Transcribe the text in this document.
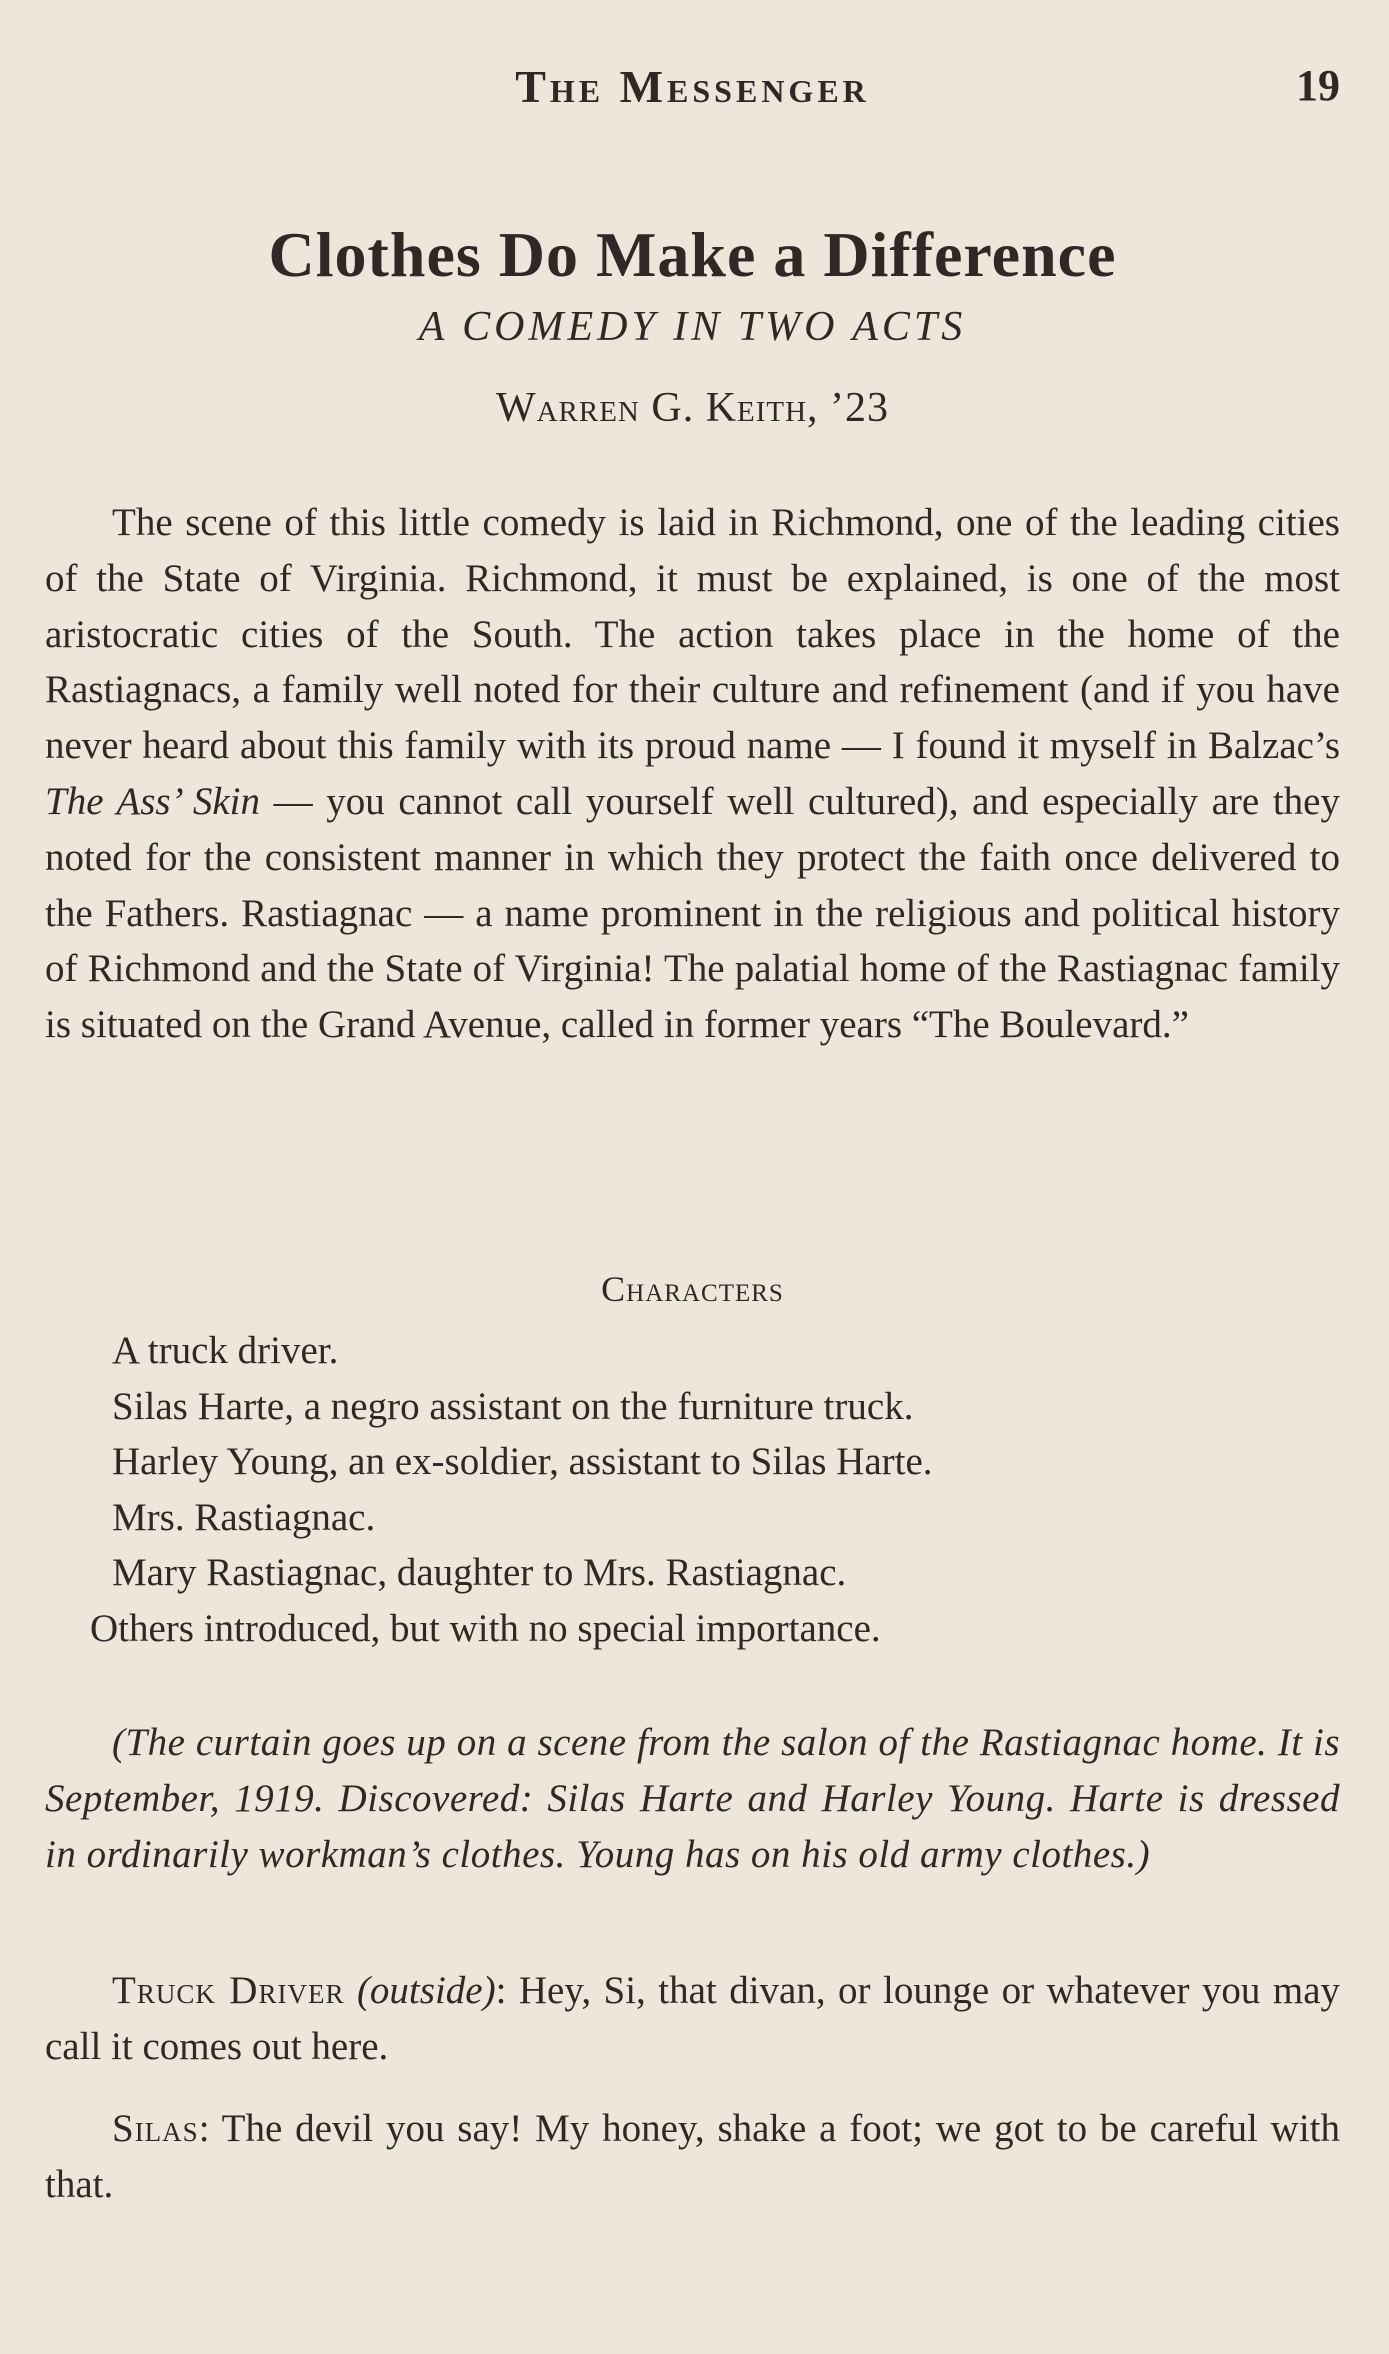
The Messenger	19
Clothes Do Make a Difference
A COMEDY IN TWO ACTS
Warren G. Keith, ’23

The scene of this little comedy is laid in Richmond, one of the leading cities of the State of Virginia. Richmond, it must be explained, is one of the most aristocratic cities of the South. The action takes place in the home of the Rastiagnacs, a family well noted for their culture and refinement (and if you have never heard about this family with its proud name — I found it myself in Balzac’s The Ass’ Skin — you cannot call yourself well cultured), and especially are they noted for the consistent manner in which they protect the faith once delivered to the Fathers. Rastiagnac — a name prominent in the religious and political history of Richmond and the State of Virginia! The palatial home of the Rastiagnac family is situated on the Grand Avenue, called in former years “The Boulevard.”

Characters
A truck driver.
Silas Harte, a negro assistant on the furniture truck.
Harley Young, an ex-soldier, assistant to Silas Harte.
Mrs. Rastiagnac.
Mary Rastiagnac, daughter to Mrs. Rastiagnac.
Others introduced, but with no special importance.

(The curtain goes up on a scene from the salon of the Rastiagnac home. It is September, 1919. Discovered: Silas Harte and Harley Young. Harte is dressed in ordinarily workman’s clothes. Young has on his old army clothes.)

Truck Driver (outside): Hey, Si, that divan, or lounge or whatever you may call it comes out here.

Silas: The devil you say! My honey, shake a foot; we got to be careful with that.
